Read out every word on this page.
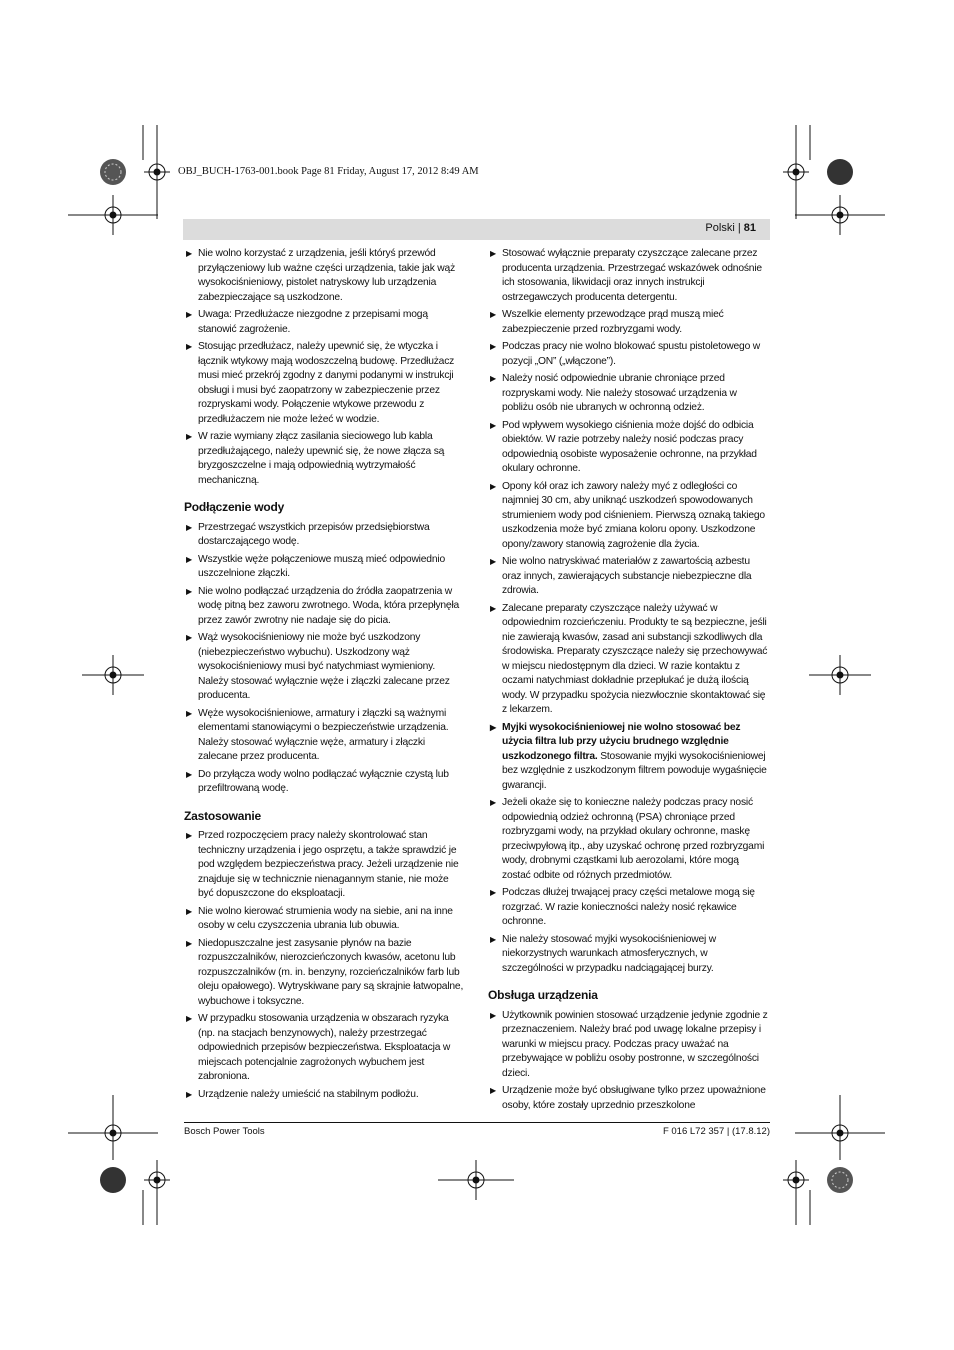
OBJ_BUCH-1763-001.book Page 81 Friday, August 17, 2012 8:49 AM
Polski | 81
▶ Nie wolno korzystać z urządzenia, jeśli któryś przewód przyłączeniowy lub ważne części urządzenia, takie jak wąż wysokociśnieniowy, pistolet natryskowy lub urządzenia zabezpieczające są uszkodzone.
▶ Uwaga: Przedłużacze niezgodne z przepisami mogą stanowić zagrożenie.
▶ Stosując przedłużacz, należy upewnić się, że wtyczka i łącznik wtykowy mają wodoszczelną budowę. Przedłużacz musi mieć przekrój zgodny z danymi podanymi w instrukcji obsługi i musi być zaopatrzony w zabezpieczenie przez rozpryskami wody. Połączenie wtykowe przewodu z przedłużaczem nie może leżeć w wodzie.
▶ W razie wymiany złącz zasilania sieciowego lub kabla przedłużającego, należy upewnić się, że nowe złącza są bryzgoszczelne i mają odpowiednią wytrzymałość mechaniczną.
Podłączenie wody
▶ Przestrzegać wszystkich przepisów przedsiębiorstwa dostarczającego wodę.
▶ Wszystkie węże połączeniowe muszą mieć odpowiednio uszczelnione złączki.
▶ Nie wolno podłączać urządzenia do źródła zaopatrzenia w wodę pitną bez zaworu zwrotnego. Woda, która przepłynęła przez zawór zwrotny nie nadaje się do picia.
▶ Wąż wysokociśnieniowy nie może być uszkodzony (niebezpieczeństwo wybuchu). Uszkodzony wąż wysokociśnieniowy musi być natychmiast wymieniony. Należy stosować wyłącznie węże i złączki zalecane przez producenta.
▶ Węże wysokociśnieniowe, armatury i złączki są ważnymi elementami stanowiącymi o bezpieczeństwie urządzenia. Należy stosować wyłącznie węże, armatury i złączki zalecane przez producenta.
▶ Do przyłącza wody wolno podłączać wyłącznie czystą lub przefiltrowaną wodę.
Zastosowanie
▶ Przed rozpoczęciem pracy należy skontrolować stan techniczny urządzenia i jego osprzętu, a także sprawdzić je pod względem bezpieczeństwa pracy. Jeżeli urządzenie nie znajduje się w technicznie nienagannym stanie, nie może być dopuszczone do eksploatacji.
▶ Nie wolno kierować strumienia wody na siebie, ani na inne osoby w celu czyszczenia ubrania lub obuwia.
▶ Niedopuszczalne jest zasysanie płynów na bazie rozpuszczalników, nierozcieńczonych kwasów, acetonu lub rozpuszczalników (m. in. benzyny, rozcieńczalników farb lub oleju opałowego). Wytryskiwane pary są skrajnie łatwopalne, wybuchowe i toksyczne.
▶ W przypadku stosowania urządzenia w obszarach ryzyka (np. na stacjach benzynowych), należy przestrzegać odpowiednich przepisów bezpieczeństwa. Eksploatacja w miejscach potencjalnie zagrożonych wybuchem jest zabroniona.
▶ Urządzenie należy umieścić na stabilnym podłożu.
▶ Stosować wyłącznie preparaty czyszczące zalecane przez producenta urządzenia. Przestrzegać wskazówek odnośnie ich stosowania, likwidacji oraz innych instrukcji ostrzegawczych producenta detergentu.
▶ Wszelkie elementy przewodzące prąd muszą mieć zabezpieczenie przed rozbryzgami wody.
▶ Podczas pracy nie wolno blokować spustu pistoletowego w pozycji „ON” („włączone”).
▶ Należy nosić odpowiednie ubranie chroniące przed rozpryskami wody. Nie należy stosować urządzenia w pobliżu osób nie ubranych w ochronną odzież.
▶ Pod wpływem wysokiego ciśnienia może dojść do odbicia obiektów. W razie potrzeby należy nosić podczas pracy odpowiednią osobiste wyposażenie ochronne, na przykład okulary ochronne.
▶ Opony kół oraz ich zawory należy myć z odległości co najmniej 30 cm, aby uniknąć uszkodzeń spowodowanych strumieniem wody pod ciśnieniem. Pierwszą oznaką takiego uszkodzenia może być zmiana koloru opony. Uszkodzone opony/zawory stanowią zagrożenie dla życia.
▶ Nie wolno natryskiwać materiałów z zawartością azbestu oraz innych, zawierających substancje niebezpieczne dla zdrowia.
▶ Zalecane preparaty czyszczące należy używać w odpowiednim rozcieńczeniu. Produkty te są bezpieczne, jeśli nie zawierają kwasów, zasad ani substancji szkodliwych dla środowiska. Preparaty czyszczące należy się przechowywać w miejscu niedostępnym dla dzieci. W razie kontaktu z oczami natychmiast dokładnie przepłukać je dużą ilością wody. W przypadku spożycia niezwłocznie skontaktować się z lekarzem.
▶ Myjki wysokociśnieniowej nie wolno stosować bez użycia filtra lub przy użyciu brudnego względnie uszkodzonego filtra. Stosowanie myjki wysokociśnieniowej bez względnie z uszkodzonym filtrem powoduje wygaśnięcie gwarancji.
▶ Jeżeli okaże się to konieczne należy podczas pracy nosić odpowiednią odzież ochronną (PSA) chroniące przed rozbryzgami wody, na przykład okulary ochronne, maskę przeciwpyłową itp., aby uzyskać ochronę przed rozbryzgami wody, drobnymi cząstkami lub aerozolami, które mogą zostać odbite od różnych przedmiotów.
▶ Podczas dłużej trwającej pracy części metalowe mogą się rozgrzać. W razie konieczności należy nosić rękawice ochronne.
▶ Nie należy stosować myjki wysokociśnieniowej w niekorzystnych warunkach atmosferycznych, w szczególności w przypadku nadciągającej burzy.
Obsługa urządzenia
▶ Użytkownik powinien stosować urządzenie jedynie zgodnie z przeznaczeniem. Należy brać pod uwagę lokalne przepisy i warunki w miejscu pracy. Podczas pracy uważać na przebywające w pobliżu osoby postronne, w szczególności dzieci.
▶ Urządzenie może być obsługiwane tylko przez upoważnione osoby, które zostały uprzednio przeszkolone
Bosch Power Tools	F 016 L72 357 | (17.8.12)
